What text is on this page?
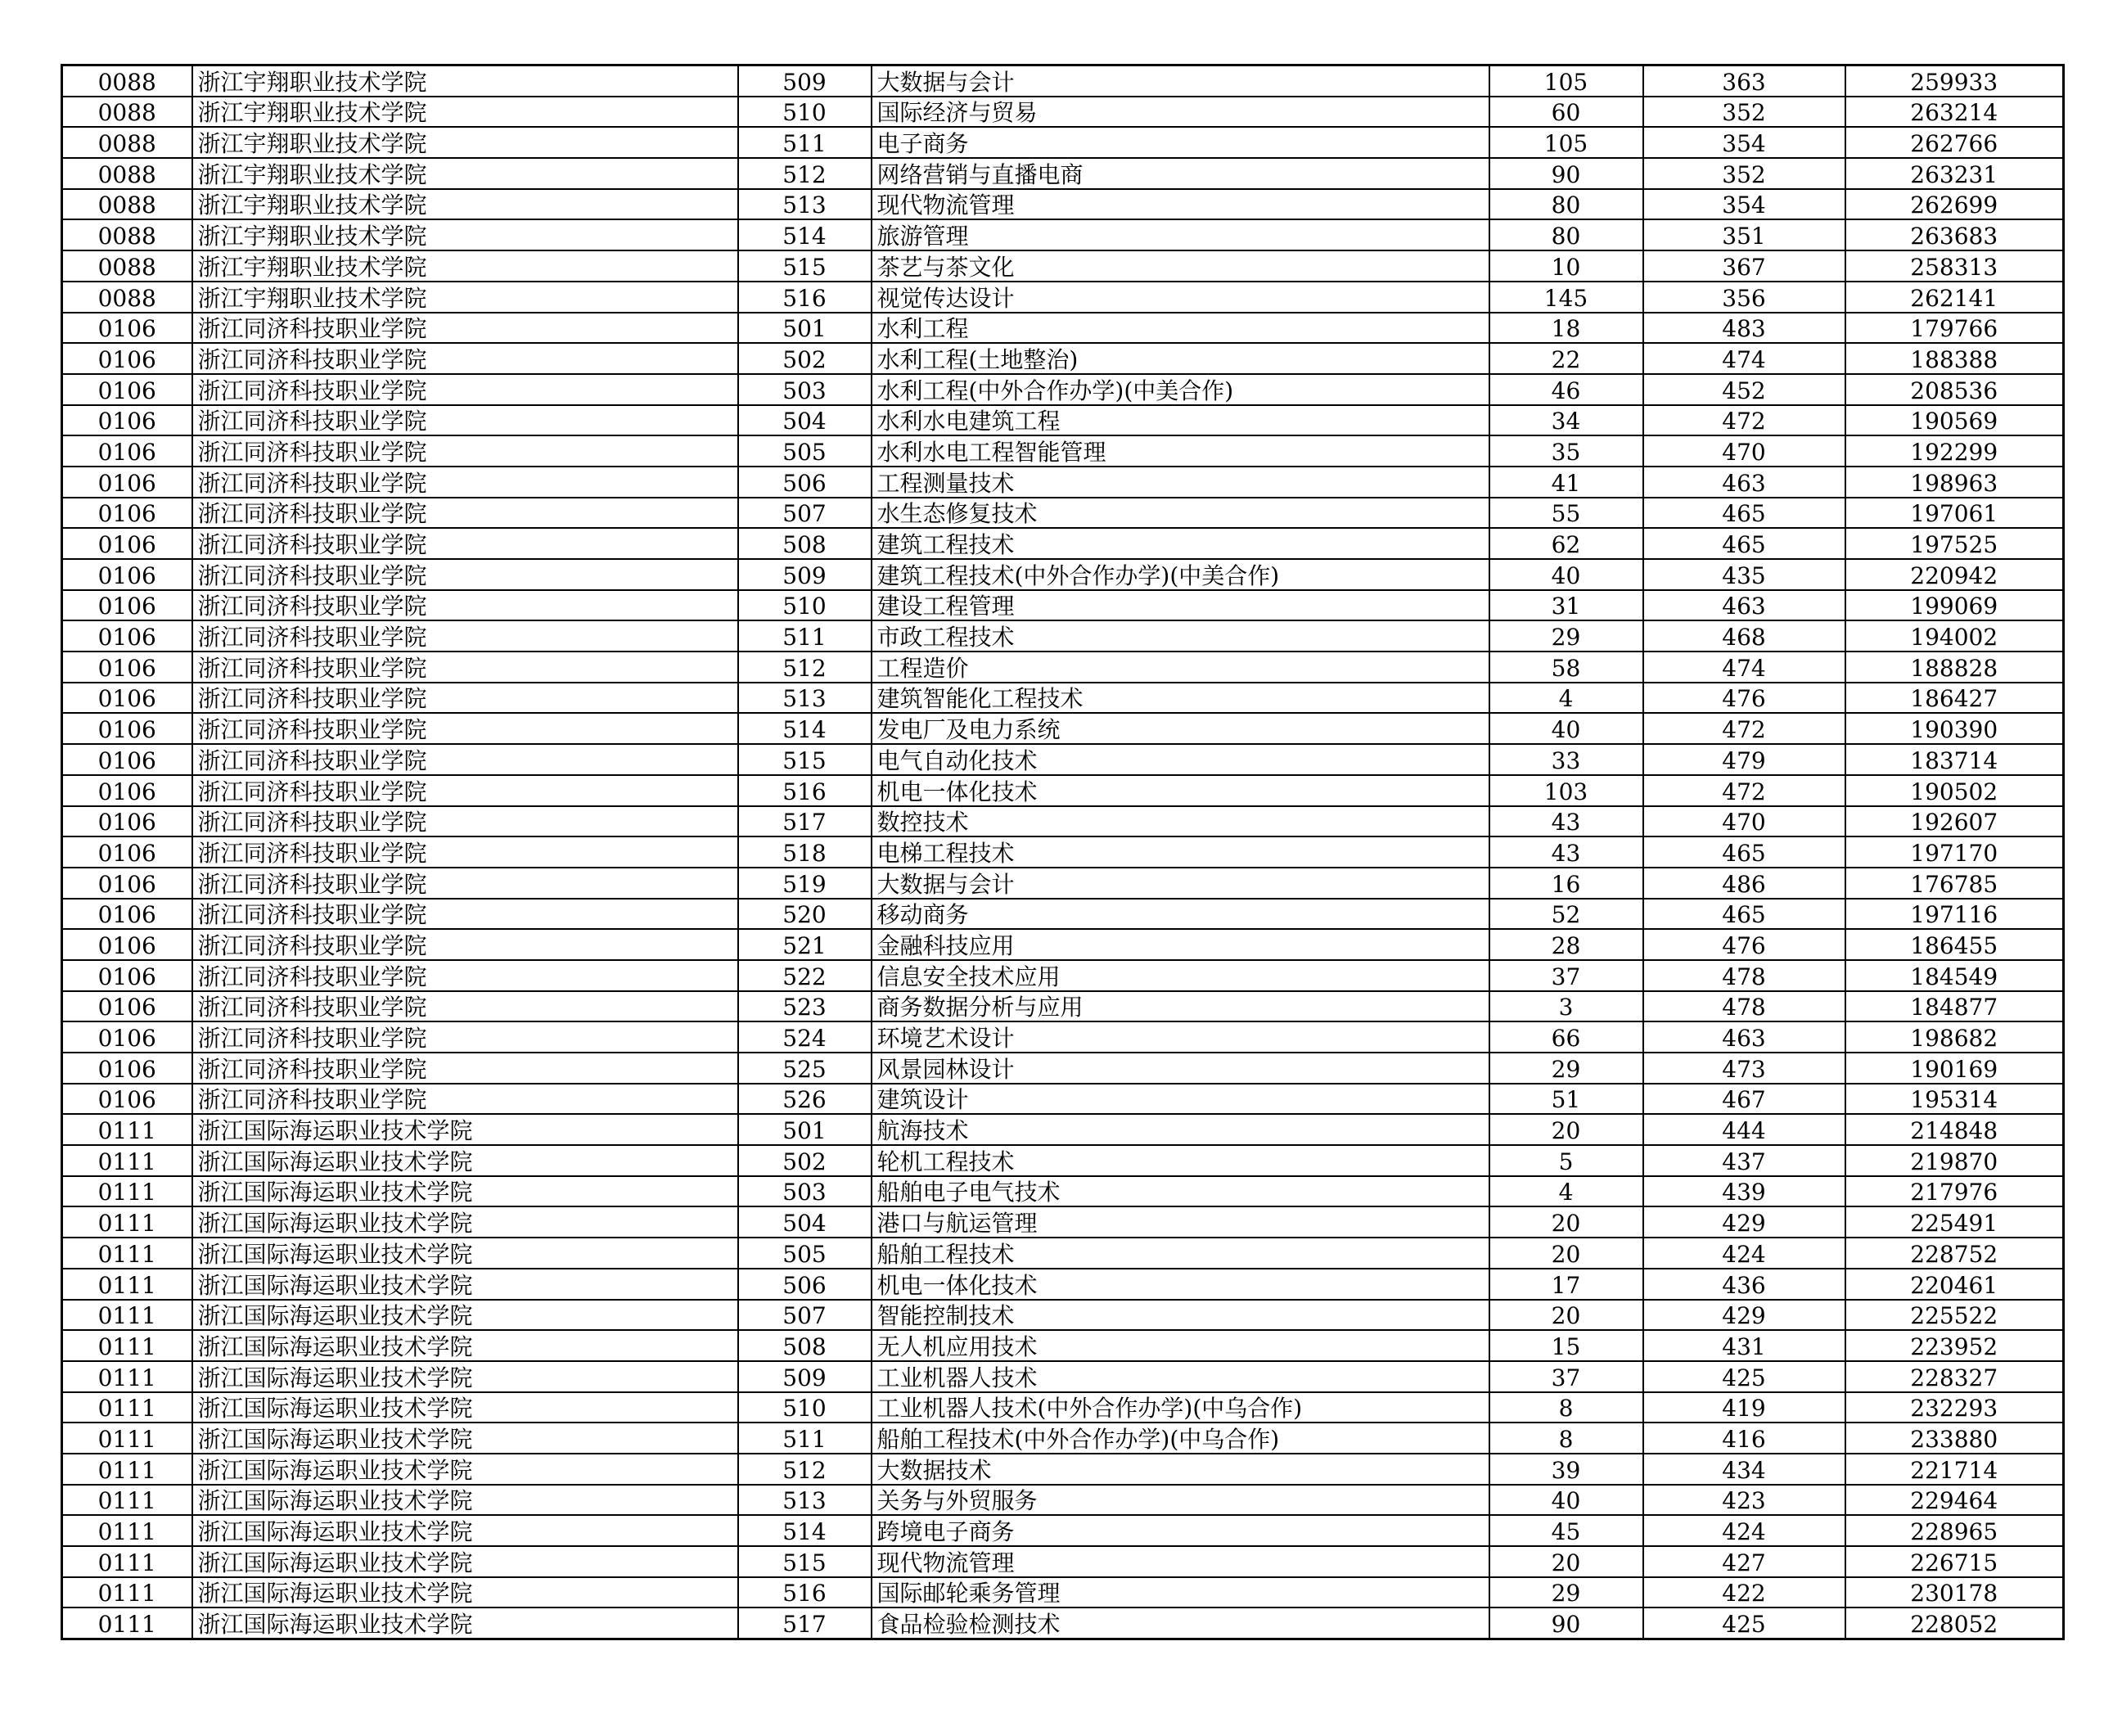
0088	浙江宇翔职业技术学院	509	大数据与会计	105	363	259933
0088	浙江宇翔职业技术学院	510	国际经济与贸易	60	352	263214
0088	浙江宇翔职业技术学院	511	电子商务	105	354	262766
0088	浙江宇翔职业技术学院	512	网络营销与直播电商	90	352	263231
0088	浙江宇翔职业技术学院	513	现代物流管理	80	354	262699
0088	浙江宇翔职业技术学院	514	旅游管理	80	351	263683
0088	浙江宇翔职业技术学院	515	茶艺与茶文化	10	367	258313
0088	浙江宇翔职业技术学院	516	视觉传达设计	145	356	262141
0106	浙江同济科技职业学院	501	水利工程	18	483	179766
0106	浙江同济科技职业学院	502	水利工程(土地整治)	22	474	188388
0106	浙江同济科技职业学院	503	水利工程(中外合作办学)(中美合作)	46	452	208536
0106	浙江同济科技职业学院	504	水利水电建筑工程	34	472	190569
0106	浙江同济科技职业学院	505	水利水电工程智能管理	35	470	192299
0106	浙江同济科技职业学院	506	工程测量技术	41	463	198963
0106	浙江同济科技职业学院	507	水生态修复技术	55	465	197061
0106	浙江同济科技职业学院	508	建筑工程技术	62	465	197525
0106	浙江同济科技职业学院	509	建筑工程技术(中外合作办学)(中美合作)	40	435	220942
0106	浙江同济科技职业学院	510	建设工程管理	31	463	199069
0106	浙江同济科技职业学院	511	市政工程技术	29	468	194002
0106	浙江同济科技职业学院	512	工程造价	58	474	188828
0106	浙江同济科技职业学院	513	建筑智能化工程技术	4	476	186427
0106	浙江同济科技职业学院	514	发电厂及电力系统	40	472	190390
0106	浙江同济科技职业学院	515	电气自动化技术	33	479	183714
0106	浙江同济科技职业学院	516	机电一体化技术	103	472	190502
0106	浙江同济科技职业学院	517	数控技术	43	470	192607
0106	浙江同济科技职业学院	518	电梯工程技术	43	465	197170
0106	浙江同济科技职业学院	519	大数据与会计	16	486	176785
0106	浙江同济科技职业学院	520	移动商务	52	465	197116
0106	浙江同济科技职业学院	521	金融科技应用	28	476	186455
0106	浙江同济科技职业学院	522	信息安全技术应用	37	478	184549
0106	浙江同济科技职业学院	523	商务数据分析与应用	3	478	184877
0106	浙江同济科技职业学院	524	环境艺术设计	66	463	198682
0106	浙江同济科技职业学院	525	风景园林设计	29	473	190169
0106	浙江同济科技职业学院	526	建筑设计	51	467	195314
0111	浙江国际海运职业技术学院	501	航海技术	20	444	214848
0111	浙江国际海运职业技术学院	502	轮机工程技术	5	437	219870
0111	浙江国际海运职业技术学院	503	船舶电子电气技术	4	439	217976
0111	浙江国际海运职业技术学院	504	港口与航运管理	20	429	225491
0111	浙江国际海运职业技术学院	505	船舶工程技术	20	424	228752
0111	浙江国际海运职业技术学院	506	机电一体化技术	17	436	220461
0111	浙江国际海运职业技术学院	507	智能控制技术	20	429	225522
0111	浙江国际海运职业技术学院	508	无人机应用技术	15	431	223952
0111	浙江国际海运职业技术学院	509	工业机器人技术	37	425	228327
0111	浙江国际海运职业技术学院	510	工业机器人技术(中外合作办学)(中乌合作)	8	419	232293
0111	浙江国际海运职业技术学院	511	船舶工程技术(中外合作办学)(中乌合作)	8	416	233880
0111	浙江国际海运职业技术学院	512	大数据技术	39	434	221714
0111	浙江国际海运职业技术学院	513	关务与外贸服务	40	423	229464
0111	浙江国际海运职业技术学院	514	跨境电子商务	45	424	228965
0111	浙江国际海运职业技术学院	515	现代物流管理	20	427	226715
0111	浙江国际海运职业技术学院	516	国际邮轮乘务管理	29	422	230178
0111	浙江国际海运职业技术学院	517	食品检验检测技术	90	425	228052
